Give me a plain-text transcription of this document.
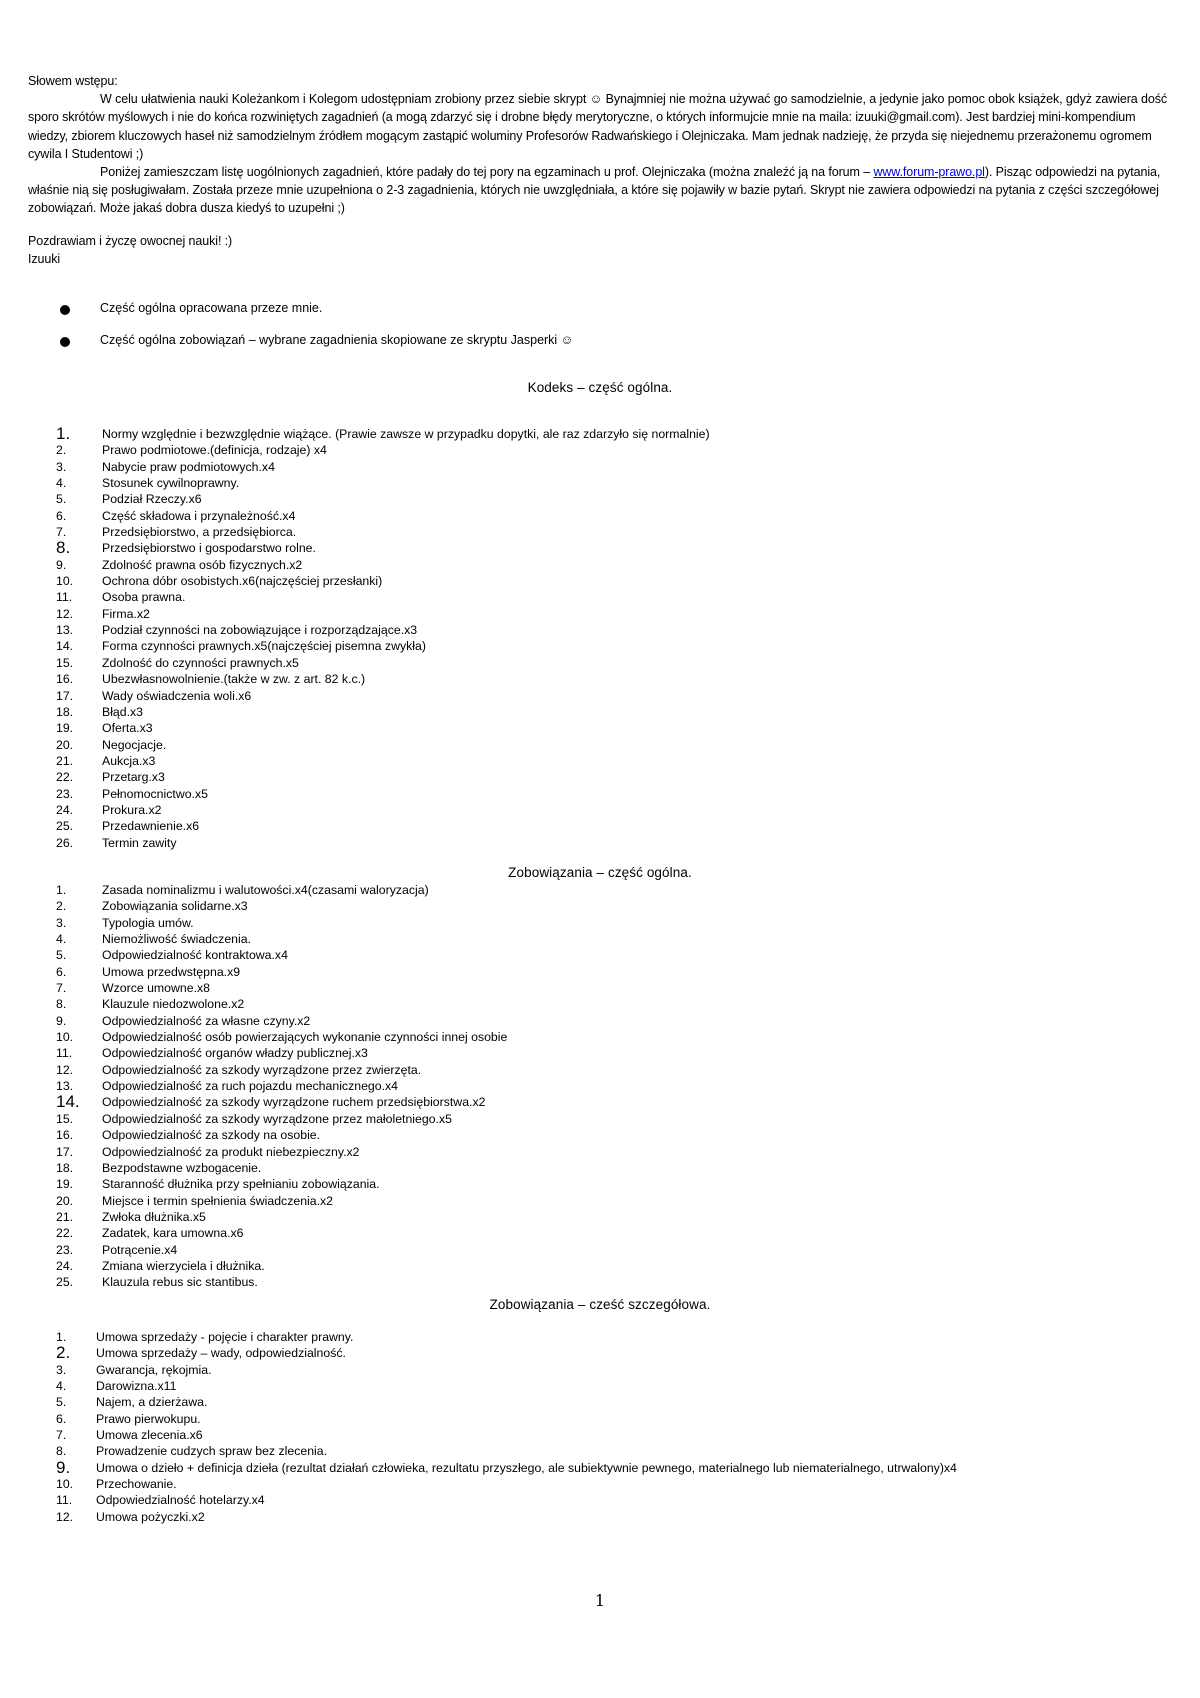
Słowem wstępu:

W celu ułatwienia nauki Koleżankom i Kolegom udostępniam zrobiony przez siebie skrypt ☺ Bynajmniej nie można używać go samodzielnie, a jedynie jako pomoc obok książek, gdyż zawiera dość sporo skrótów myślowych i nie do końca rozwiniętych zagadnień (a mogą zdarzyć się i drobne błędy merytoryczne, o których informujcie mnie na maila: izuuki@gmail.com). Jest bardziej mini-kompendium wiedzy, zbiorem kluczowych haseł niż samodzielnym źródłem mogącym zastąpić woluminy Profesorów Radwańskiego i Olejniczaka. Mam jednak nadzieję, że przyda się niejednemu przerażonemu ogromem cywila I Studentowi ;)

Poniżej zamieszczam listę uogólnionych zagadnień, które padały do tej pory na egzaminach u prof. Olejniczaka (można znaleźć ją na forum – www.forum-prawo.pl). Pisząc odpowiedzi na pytania, właśnie nią się posługiwałam. Została przeze mnie uzupełniona o 2-3 zagadnienia, których nie uwzględniała, a które się pojawiły w bazie pytań. Skrypt nie zawiera odpowiedzi na pytania z części szczegółowej zobowiązań. Może jakaś dobra dusza kiedyś to uzupełni ;)

Pozdrawiam i życzę owocnej nauki! :)

Izuuki

Część ogólna opracowana przeze mnie.
Część ogólna zobowiązań – wybrane zagadnienia skopiowane ze skryptu Jasperki ☺
Kodeks – część ogólna.
1.	Normy względnie i bezwzględnie wiążące. (Prawie zawsze w przypadku dopytki, ale raz zdarzyło się normalnie)
2.	Prawo podmiotowe.(definicja, rodzaje) x4
3.	Nabycie praw podmiotowych.x4
4.	Stosunek cywilnoprawny.
5.	Podział Rzeczy.x6
6.	Część składowa i przynależność.x4
7.	Przedsiębiorstwo, a przedsiębiorca.
8.	Przedsiębiorstwo i gospodarstwo rolne.
9.	Zdolność prawna osób fizycznych.x2
10.	Ochrona dóbr osobistych.x6(najczęściej przesłanki)
11.	Osoba prawna.
12.	Firma.x2
13.	Podział czynności na zobowiązujące i rozporządzające.x3
14.	Forma czynności prawnych.x5(najczęściej pisemna zwykła)
15.	Zdolność do czynności prawnych.x5
16.	Ubezwłasnowolnienie.(także w zw. z art. 82 k.c.)
17.	Wady oświadczenia woli.x6
18.	Błąd.x3
19.	Oferta.x3
20.	Negocjacje.
21.	Aukcja.x3
22.	Przetarg.x3
23.	Pełnomocnictwo.x5
24.	Prokura.x2
25.	Przedawnienie.x6
26.	Termin zawity
Zobowiązania – część ogólna.
1.	Zasada nominalizmu i walutowości.x4(czasami waloryzacja)
2.	Zobowiązania solidarne.x3
3.	Typologia umów.
4.	Niemożliwość świadczenia.
5.	Odpowiedzialność kontraktowa.x4
6.	Umowa przedwstępna.x9
7.	Wzorce umowne.x8
8.	Klauzule niedozwolone.x2
9.	Odpowiedzialność za własne czyny.x2
10.	Odpowiedzialność osób powierzających wykonanie czynności innej osobie
11.	Odpowiedzialność organów władzy publicznej.x3
12.	Odpowiedzialność za szkody wyrządzone przez zwierzęta.
13.	Odpowiedzialność za ruch pojazdu mechanicznego.x4
14.	Odpowiedzialność za szkody wyrządzone ruchem przedsiębiorstwa.x2
15.	Odpowiedzialność za szkody wyrządzone przez małoletniego.x5
16.	Odpowiedzialność za szkody na osobie.
17.	Odpowiedzialność za produkt niebezpieczny.x2
18.	Bezpodstawne wzbogacenie.
19.	Staranność dłużnika przy spełnianiu zobowiązania.
20.	Miejsce i termin spełnienia świadczenia.x2
21.	Zwłoka dłużnika.x5
22.	Zadatek, kara umowna.x6
23.	Potrącenie.x4
24.	Zmiana wierzyciela i dłużnika.
25.	Klauzula rebus sic stantibus.
Zobowiązania – cześć szczegółowa.
1.	Umowa sprzedaży - pojęcie i charakter prawny.
2.	Umowa sprzedaży – wady, odpowiedzialność.
3.	Gwarancja, rękojmia.
4.	Darowizna.x11
5.	Najem, a dzierżawa.
6.	Prawo pierwokupu.
7.	Umowa zlecenia.x6
8.	Prowadzenie cudzych spraw bez zlecenia.
9.	Umowa o dzieło + definicja dzieła (rezultat działań człowieka, rezultatu przyszłego, ale subiektywnie pewnego, materialnego lub niematerialnego, utrwalony)x4
10.	Przechowanie.
11.	Odpowiedzialność hotelarzy.x4
12.	Umowa pożyczki.x2
1
